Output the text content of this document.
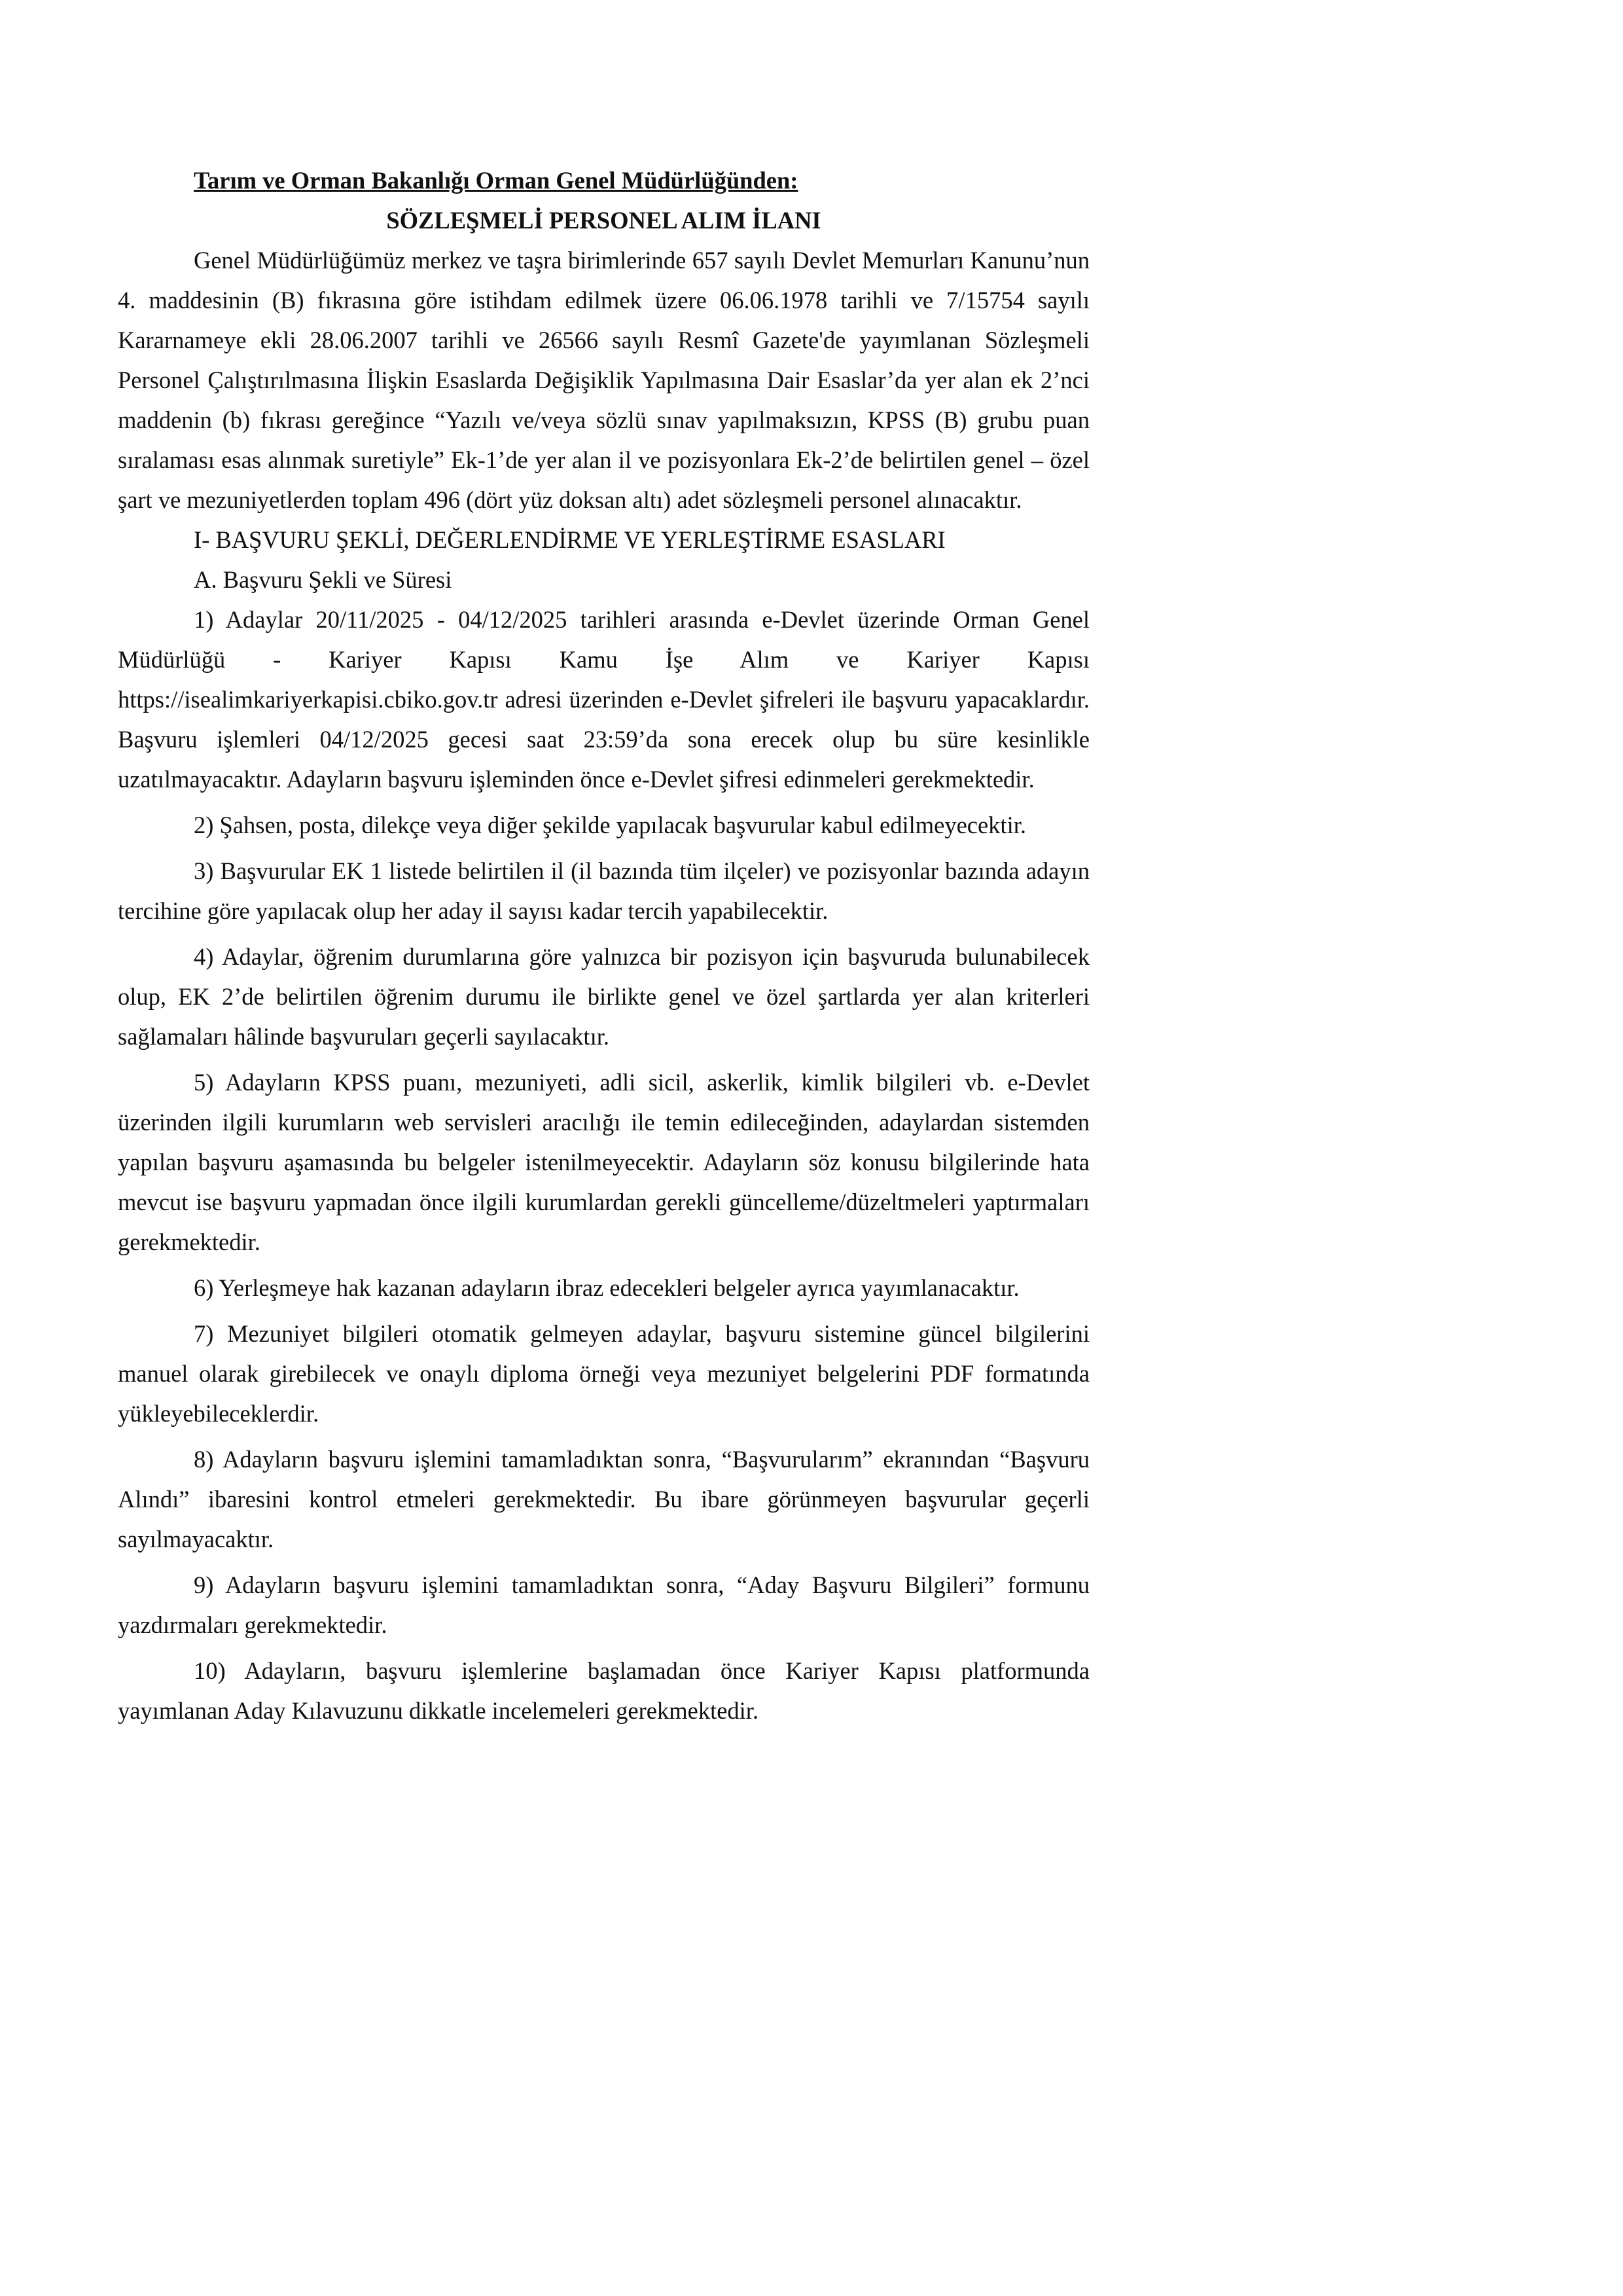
Tarım ve Orman Bakanlığı Orman Genel Müdürlüğünden:

SÖZLEŞMELİ PERSONEL ALIM İLANI

Genel Müdürlüğümüz merkez ve taşra birimlerinde 657 sayılı Devlet Memurları Kanunu’nun 4. maddesinin (B) fıkrasına göre istihdam edilmek üzere 06.06.1978 tarihli ve 7/15754 sayılı Kararnameye ekli 28.06.2007 tarihli ve 26566 sayılı Resmî Gazete'de yayımlanan Sözleşmeli Personel Çalıştırılmasına İlişkin Esaslarda Değişiklik Yapılmasına Dair Esaslar’da yer alan ek 2’nci maddenin (b) fıkrası gereğince “Yazılı ve/veya sözlü sınav yapılmaksızın, KPSS (B) grubu puan sıralaması esas alınmak suretiyle” Ek-1’de yer alan il ve pozisyonlara Ek-2’de belirtilen genel – özel şart ve mezuniyetlerden toplam 496 (dört yüz doksan altı) adet sözleşmeli personel alınacaktır.

I- BAŞVURU ŞEKLİ, DEĞERLENDİRME VE YERLEŞTİRME ESASLARI

A. Başvuru Şekli ve Süresi

1) Adaylar 20/11/2025 - 04/12/2025 tarihleri arasında e-Devlet üzerinde Orman Genel Müdürlüğü - Kariyer Kapısı Kamu İşe Alım ve Kariyer Kapısı https://isealimkariyerkapisi.cbiko.gov.tr adresi üzerinden e-Devlet şifreleri ile başvuru yapacaklardır. Başvuru işlemleri 04/12/2025 gecesi saat 23:59’da sona erecek olup bu süre kesinlikle uzatılmayacaktır. Adayların başvuru işleminden önce e-Devlet şifresi edinmeleri gerekmektedir.

2) Şahsen, posta, dilekçe veya diğer şekilde yapılacak başvurular kabul edilmeyecektir.

3) Başvurular EK 1 listede belirtilen il (il bazında tüm ilçeler) ve pozisyonlar bazında adayın tercihine göre yapılacak olup her aday il sayısı kadar tercih yapabilecektir.

4) Adaylar, öğrenim durumlarına göre yalnızca bir pozisyon için başvuruda bulunabilecek olup, EK 2’de belirtilen öğrenim durumu ile birlikte genel ve özel şartlarda yer alan kriterleri sağlamaları hâlinde başvuruları geçerli sayılacaktır.

5) Adayların KPSS puanı, mezuniyeti, adli sicil, askerlik, kimlik bilgileri vb. e-Devlet üzerinden ilgili kurumların web servisleri aracılığı ile temin edileceğinden, adaylardan sistemden yapılan başvuru aşamasında bu belgeler istenilmeyecektir. Adayların söz konusu bilgilerinde hata mevcut ise başvuru yapmadan önce ilgili kurumlardan gerekli güncelleme/düzeltmeleri yaptırmaları gerekmektedir.

6) Yerleşmeye hak kazanan adayların ibraz edecekleri belgeler ayrıca yayımlanacaktır.

7) Mezuniyet bilgileri otomatik gelmeyen adaylar, başvuru sistemine güncel bilgilerini manuel olarak girebilecek ve onaylı diploma örneği veya mezuniyet belgelerini PDF formatında yükleyebileceklerdir.

8) Adayların başvuru işlemini tamamladıktan sonra, “Başvurularım” ekranından “Başvuru Alındı” ibaresini kontrol etmeleri gerekmektedir. Bu ibare görünmeyen başvurular geçerli sayılmayacaktır.

9) Adayların başvuru işlemini tamamladıktan sonra, “Aday Başvuru Bilgileri” formunu yazdırmaları gerekmektedir.

10) Adayların, başvuru işlemlerine başlamadan önce Kariyer Kapısı platformunda yayımlanan Aday Kılavuzunu dikkatle incelemeleri gerekmektedir.
